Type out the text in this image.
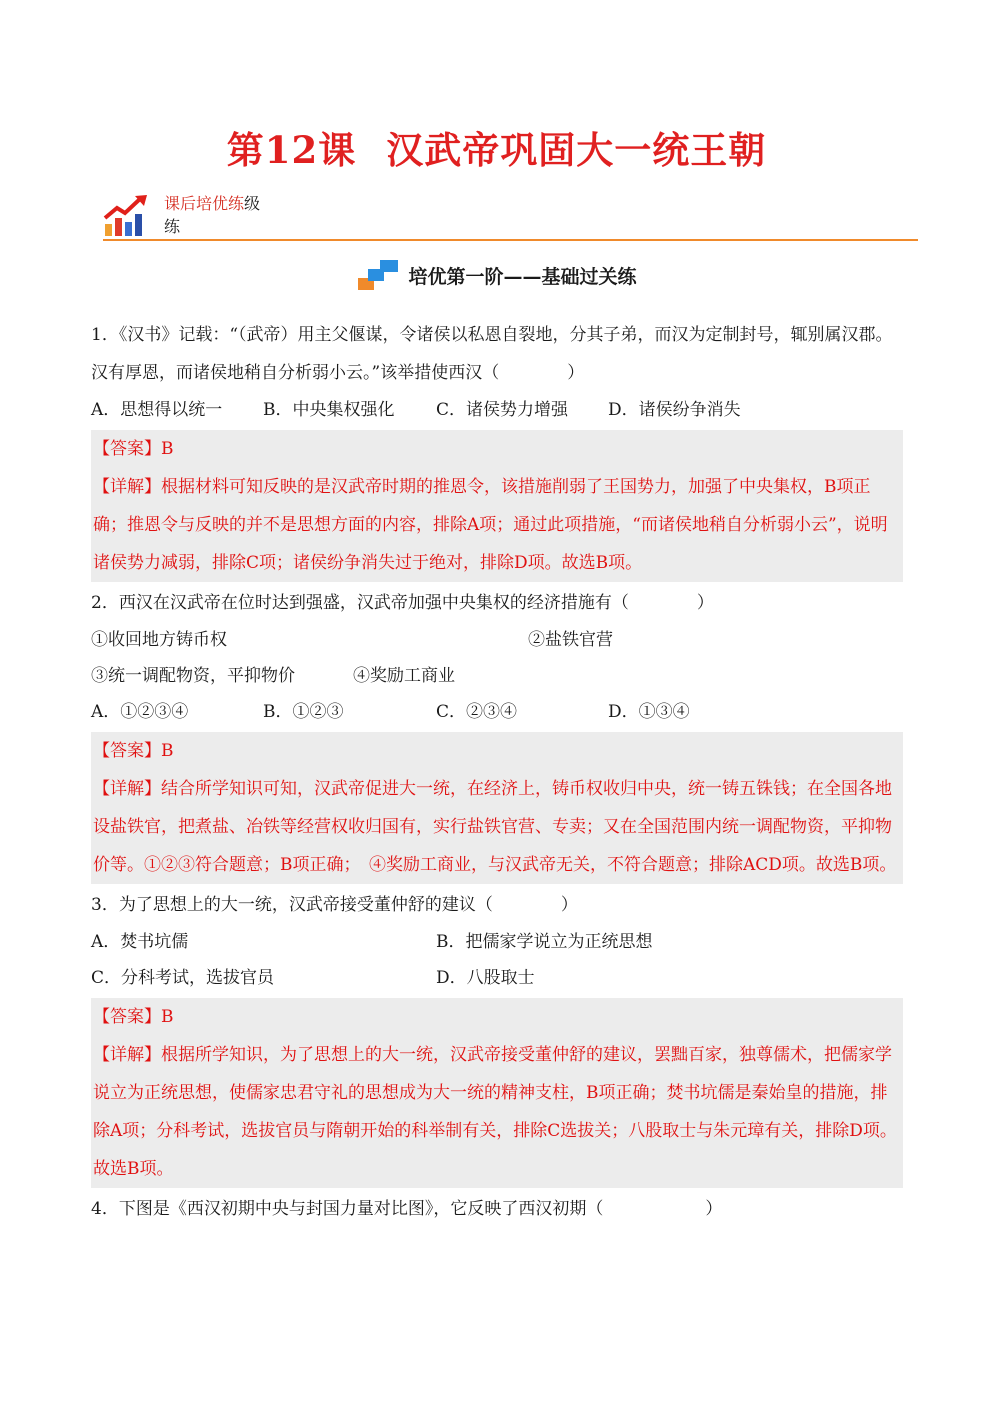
第12课 汉武帝巩固大一统王朝
课后培优练级
练
培优第一阶——基础过关练
1．《汉书》记载：“（武帝）用主父偃谋，令诸侯以私恩自裂地，分其子弟，而汉为定制封号，辄别属汉郡。汉有厚恩，而诸侯地稍自分析弱小云。”该举措使西汉（　　　　）
A．思想得以统一	B．中央集权强化	C．诸侯势力增强	D．诸侯纷争消失
【答案】B
【详解】根据材料可知反映的是汉武帝时期的推恩令，该措施削弱了王国势力，加强了中央集权，B项正确；推恩令与反映的并不是思想方面的内容，排除A项；通过此项措施，“而诸侯地稍自分析弱小云”，说明诸侯势力减弱，排除C项；诸侯纷争消失过于绝对，排除D项。故选B项。
2．西汉在汉武帝在位时达到强盛，汉武帝加强中央集权的经济措施有（　　　　）
①收回地方铸币权	②盐铁官营
③统一调配物资，平抑物价	④奖励工商业
A．①②③④	B．①②③	C．②③④	D．①③④
【答案】B
【详解】结合所学知识可知，汉武帝促进大一统，在经济上，铸币权收归中央，统一铸五铢钱；在全国各地设盐铁官，把煮盐、冶铁等经营权收归国有，实行盐铁官营、专卖；又在全国范围内统一调配物资，平抑物价等。①②③符合题意；B项正确；　④奖励工商业，与汉武帝无关，不符合题意；排除ACD项。故选B项。
3．为了思想上的大一统，汉武帝接受董仲舒的建议（　　　　）
A．焚书坑儒	B．把儒家学说立为正统思想
C．分科考试，选拔官员	D．八股取士
【答案】B
【详解】根据所学知识，为了思想上的大一统，汉武帝接受董仲舒的建议，罢黜百家，独尊儒术，把儒家学说立为正统思想，使儒家忠君守礼的思想成为大一统的精神支柱，B项正确；焚书坑儒是秦始皇的措施，排除A项；分科考试，选拔官员与隋朝开始的科举制有关，排除C选拔关；八股取士与朱元璋有关，排除D项。故选B项。
4．下图是《西汉初期中央与封国力量对比图》，它反映了西汉初期（　　　　　　）
